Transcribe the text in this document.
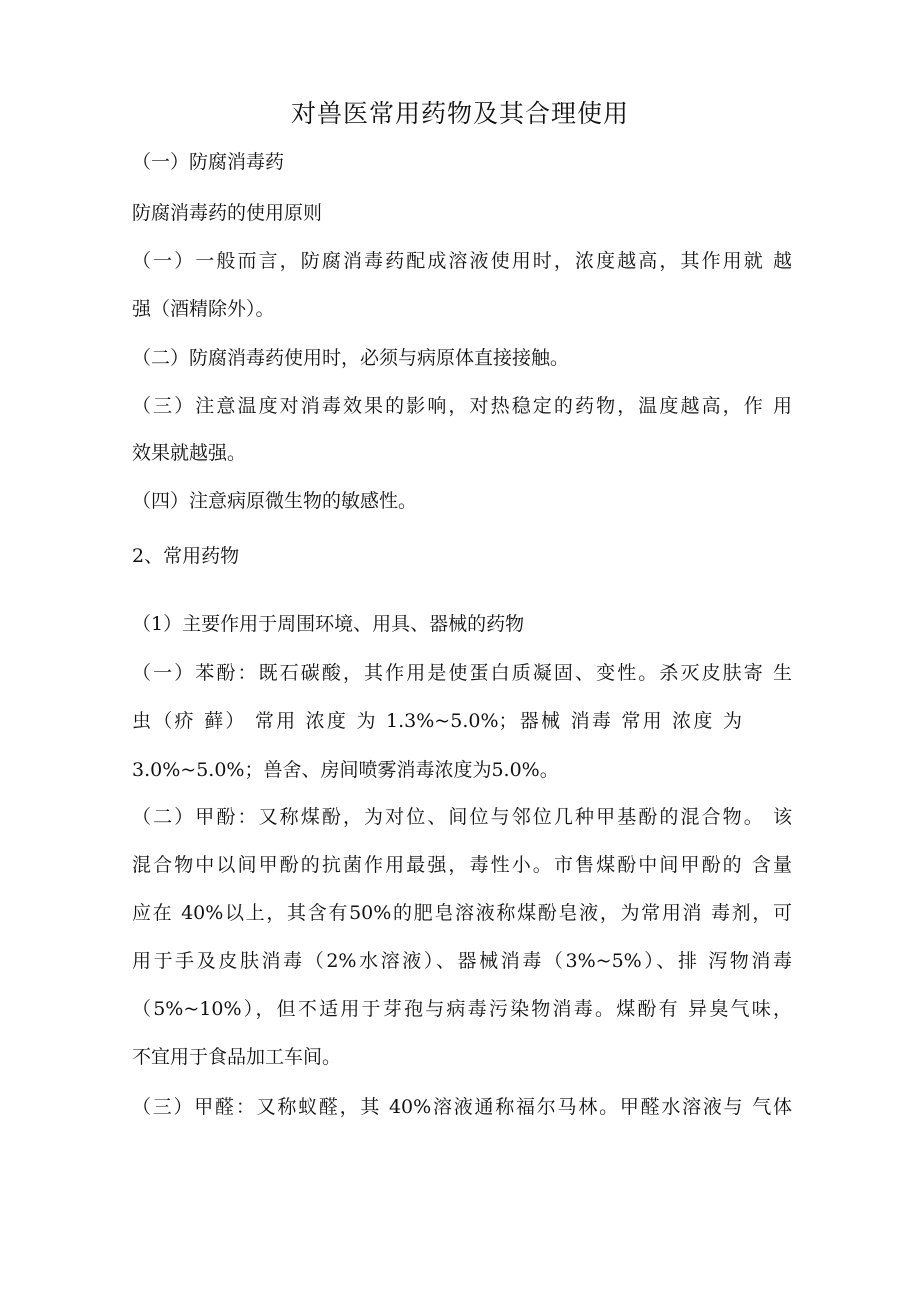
对兽医常用药物及其合理使用
（一）防腐消毒药
防腐消毒药的使用原则
（一）一般而言，防腐消毒药配成溶液使用时，浓度越高，其作用就 越
强（酒精除外）。
（二）防腐消毒药使用时，必须与病原体直接接触。
（三）注意温度对消毒效果的影响，对热稳定的药物，温度越高，作 用
效果就越强。
（四）注意病原微生物的敏感性。
2、常用药物
（1）主要作用于周围环境、用具、器械的药物
（一）苯酚：既石碳酸，其作用是使蛋白质凝固、变性。杀灭皮肤寄 生
虫（疥 藓） 常用 浓度 为 1.3%~5.0%；器械 消毒 常用 浓度 为
3.0%~5.0%；兽舍、房间喷雾消毒浓度为5.0%。
（二）甲酚：又称煤酚，为对位、间位与邻位几种甲基酚的混合物。 该
混合物中以间甲酚的抗菌作用最强，毒性小。市售煤酚中间甲酚的 含量
应在 40%以上，其含有50%的肥皂溶液称煤酚皂液，为常用消 毒剂，可
用于手及皮肤消毒（2%水溶液）、器械消毒（3%~5%）、排 泻物消毒
（5%~10%），但不适用于芽孢与病毒污染物消毒。煤酚有 异臭气味，
不宜用于食品加工车间。
（三）甲醛：又称蚁醛，其 40%溶液通称福尔马林。甲醛水溶液与 气体
